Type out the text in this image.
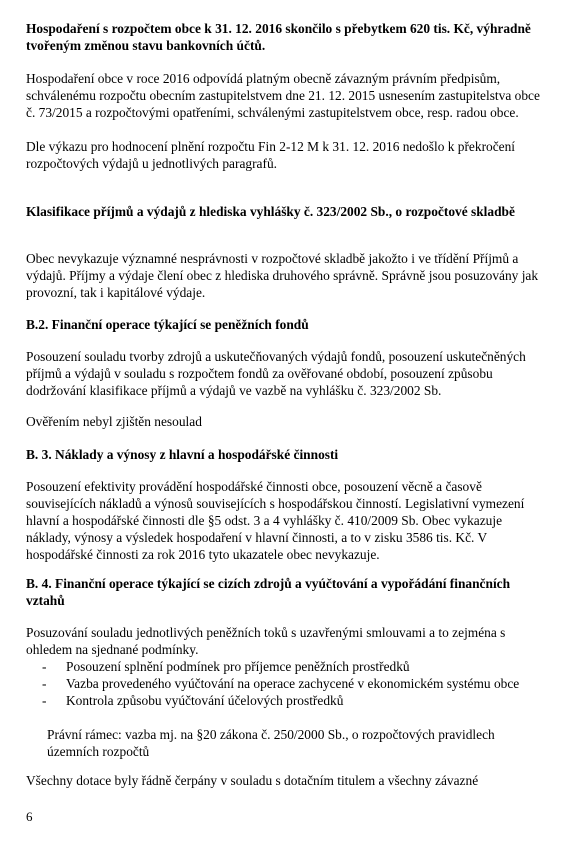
Hospodaření s rozpočtem obce k 31. 12. 2016 skončilo s přebytkem 620 tis. Kč, výhradně tvořeným změnou stavu bankovních účtů.

Hospodaření obce v roce 2016 odpovídá platným obecně závazným právním předpisům, schválenému rozpočtu obecním zastupitelstvem dne 21. 12. 2015 usnesením zastupitelstva obce č. 73/2015 a rozpočtovými opatřeními, schválenými zastupitelstvem obce, resp. radou obce.

Dle výkazu pro hodnocení plnění rozpočtu Fin 2-12 M k 31. 12. 2016 nedošlo k překročení rozpočtových výdajů u jednotlivých paragrafů.

Klasifikace příjmů a výdajů z hlediska vyhlášky č. 323/2002 Sb., o rozpočtové skladbě

Obec nevykazuje významné nesprávnosti v rozpočtové skladbě jakožto i ve třídění Příjmů a výdajů. Příjmy a výdaje člení obec z hlediska druhového správně. Správně jsou posuzovány jak provozní, tak i kapitálové výdaje.

B.2. Finanční operace týkající se peněžních fondů

Posouzení souladu tvorby zdrojů a uskutečňovaných výdajů fondů, posouzení uskutečněných příjmů a výdajů v souladu s rozpočtem fondů za ověřované období, posouzení způsobu dodržování klasifikace příjmů a výdajů ve vazbě na vyhlášku č. 323/2002 Sb.

Ověřením nebyl zjištěn nesoulad

B. 3. Náklady a výnosy z hlavní a hospodářské činnosti

Posouzení efektivity provádění hospodářské činnosti obce, posouzení věcně a časově souvisejících nákladů a výnosů souvisejících s hospodářskou činností. Legislativní vymezení hlavní a hospodářské činnosti dle §5 odst. 3 a 4 vyhlášky č. 410/2009 Sb. Obec vykazuje náklady, výnosy a výsledek hospodaření v hlavní činnosti, a to v zisku 3586 tis. Kč. V hospodářské činnosti za rok 2016 tyto ukazatele obec nevykazuje.

B. 4. Finanční operace týkající se cizích zdrojů a vyúčtování a vypořádání finančních vztahů

Posuzování souladu jednotlivých peněžních toků s uzavřenými smlouvami a to zejména s ohledem na sjednané podmínky.

- Posouzení splnění podmínek pro příjemce peněžních prostředků
- Vazba provedeného vyúčtování na operace zachycené v ekonomickém systému obce
- Kontrola způsobu vyúčtování účelových prostředků

Právní rámec: vazba mj. na §20 zákona č. 250/2000 Sb., o rozpočtových pravidlech územních rozpočtů

Všechny dotace byly řádně čerpány v souladu s dotačním titulem a všechny závazné

6
